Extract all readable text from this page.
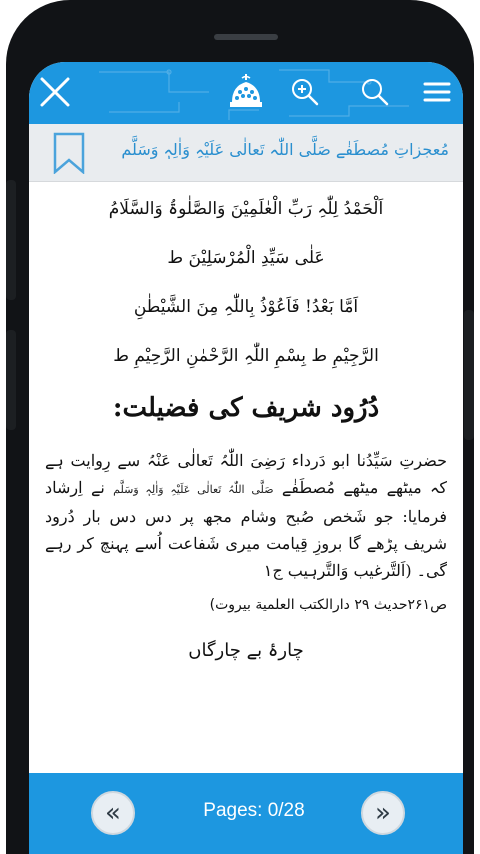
مُعجزاتِ مُصطَفٰے صَلَّی اللّٰہ تَعالٰی عَلَیْہِ وَاٰلِہٖ وَسَلَّم
اَلْحَمْدُ لِلّٰہِ رَبِّ الْعٰلَمِیْنَ وَالصَّلٰوۃُ وَالسَّلَامُ
عَلٰی سَیِّدِ الْمُرْسَلِیْنَ ط
اَمَّا بَعْدُ! فَاَعُوْذُ بِاللّٰہِ مِنَ الشَّیْطٰنِ
الرَّجِیْمِ ط بِسْمِ اللّٰہِ الرَّحْمٰنِ الرَّحِیْمِ ط
دُرُود شریف کی فضیلت:

حضرتِ سَیِّدُنا ابو دَرداء رَضِیَ اللّٰہُ تَعالٰی عَنْہُ سے رِوایت ہے کہ میٹھے میٹھے مُصطَفٰے صَلَّی اللّٰہُ تَعالٰی عَلَیْہِ وَاٰلِہٖ وَسَلَّم نے اِرشاد فرمایا: جو شَخص صُبح وشام مجھ پر دس دس بار دُرود شریف پڑھے گا بروزِ قِیامت میری شَفاعت اُسے پہنچ کر رہے گی۔ (اَلتَّرغیب وَالتَّرہیب ج۱

ص۲۶۱حدیث ۲۹ دارالکتب العلمیة بیروت)
چارۂ بے چارگاں
«	Pages: 0/28	»
